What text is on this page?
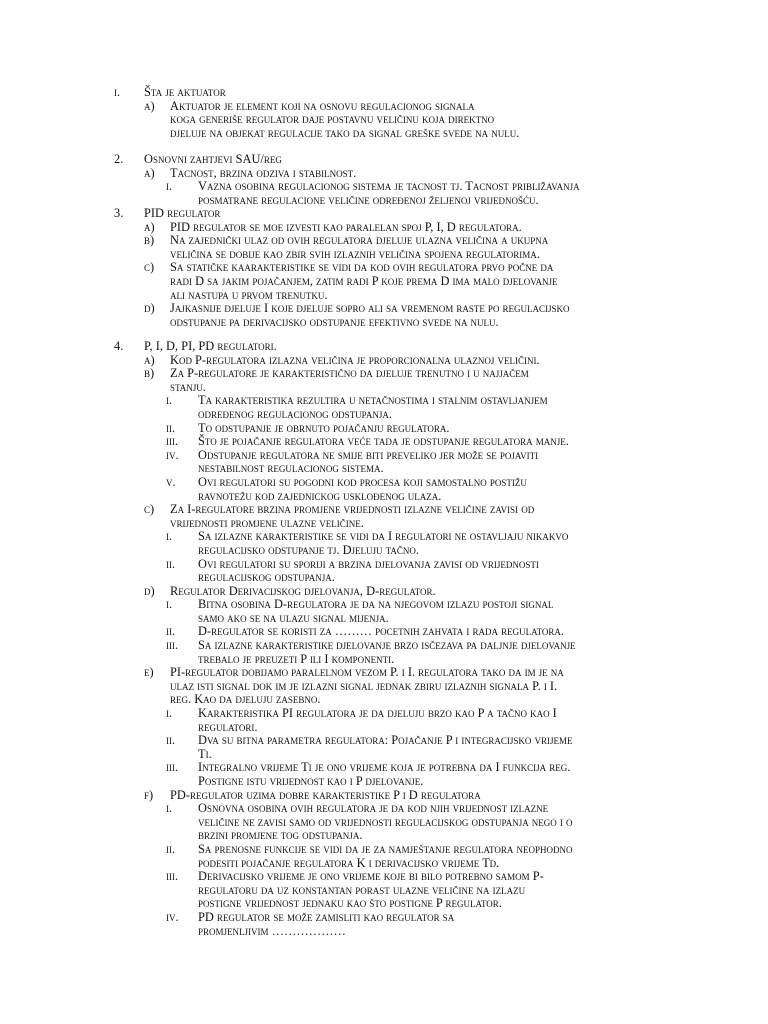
i.	Šta je aktuator
a)	Aktuator je element koji na osnovu regulacionog signala
koga generiše regulator daje postavnu veličinu koja direktno
djeluje na objekat regulacije tako da signal greške svede na nulu.
2.	Osnovni zahtjevi SAU/reg
a)	Tacnost, brzina odziva i stabilnost.
i.	Vazna osobina regulacionog sistema je tacnost tj. Tacnost približavanja
posmatrane regulacione veličine određenoj željenoj vrijednošću.
3.	PID regulator
a)	PID regulator se moe izvesti kao paralelan spoj P, I, D regulatora.
b)	Na zajednički ulaz od ovih regulatora djeluje ulazna veličina a ukupna
veličina se dobije kao zbir svih izlaznih veličina spojena regulatorima.
c)	Sa statičke kaarakteristike se vidi da kod ovih regulatora prvo počne da
radi D sa jakim pojačanjem, zatim radi P koje prema D ima malo djelovanje
ali nastupa u prvom trenutku.
d)	Jajkasnije djeluje I koje djeluje sopro ali sa vremenom raste po regulacijsko
odstupanje pa derivacijsko odstupanje efektivno svede na nulu.
4.	P, I, D, PI, PD regulatori.
a)	Kod P-regulatora izlazna veličina je proporcionalna ulaznoj veličini.
b)	Za P-regulatore je karakteristično da djeluje trenutno i u najjačem
stanju.
i.	Ta karakteristika rezultira u netačnostima i stalnim ostavljanjem
određenog regulacionog odstupanja.
ii.	To odstupanje je obrnuto pojačanju regulatora.
iii.	Što je pojačanje regulatora veće tada je odstupanje regulatora manje.
iv.	Odstupanje regulatora ne smije biti preveliko jer može se pojaviti
nestabilnost regulacionog sistema.
v.	Ovi regulatori su pogodni kod procesa koji samostalno postižu
ravnotežu kod zajednickog usklođenog ulaza.
c)	Za I-regulatore brzina promjene vrijednosti izlazne veličine zavisi od
vrijednosti promjene ulazne veličine.
i.	Sa izlazne karakteristike se vidi da I regulatori ne ostavljaju nikakvo
regulacijsko odstupanje tj. Djeluju tačno.
ii.	Ovi regulatori su sporiji a brzina djelovanja zavisi od vrijednosti
regulacijskog odstupanja.
d)	Regulator Derivacijskog djelovanja, D-regulator.
i.	Bitna osobina D-regulatora je da na njegovom izlazu postoji signal
samo ako se na ulazu signal mijenja.
ii.	D-regulator se koristi za ……… pocetnih zahvata i rada regulatora.
iii.	Sa izlazne karakteristike djelovanje brzo isčezava pa daljnje djelovanje
trebalo je preuzeti P ili I komponenti.
e)	PI-regulator dobijamo paralelnom vezom P. i I. regulatora tako da im je na
ulaz isti signal dok im je izlazni signal jednak zbiru izlaznih signala P. i I.
reg. Kao da djeluju zasebno.
i.	Karakteristika PI regulatora je da djeluju brzo kao P a tačno kao I
regulatori.
ii.	Dva su bitna parametra regulatora: Pojačanje P i integracijsko vrijeme
Ti.
iii.	Integralno vrijeme Ti je ono vrijeme koja je potrebna da I funkcija reg.
Postigne istu vrijednost kao i P djelovanje.
f)	PD-regulator uzima dobre karakteristike P i D regulatora
i.	Osnovna osobina ovih regulatora je da kod njih vrijednost izlazne
veličine ne zavisi samo od vrijednosti regulacijskog odstupanja nego i o
brzini promjene tog odstupanja.
ii.	Sa prenosne funkcije se vidi da je za namještanje regulatora neophodno
podesiti pojačanje regulatora K i derivacijsko vrijeme Td.
iii.	Derivacijsko vrijeme je ono vrijeme koje bi bilo potrebno samom P-
regulatoru da uz konstantan porast ulazne veličine na izlazu
postigne vrijednost jednaku kao što postigne P regulator.
iv.	PD regulator se može zamisliti kao regulator sa
promjenljivim ………………
